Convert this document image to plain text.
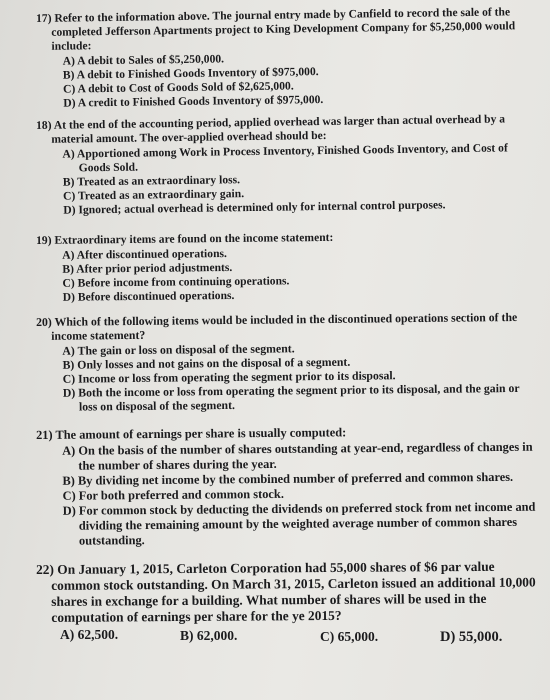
17) Refer to the information above. The journal entry made by Canfield to record the sale of the completed Jefferson Apartments project to King Development Company for $5,250,000 would include:
A) A debit to Sales of $5,250,000.
B) A debit to Finished Goods Inventory of $975,000.
C) A debit to Cost of Goods Sold of $2,625,000.
D) A credit to Finished Goods Inventory of $975,000.
18) At the end of the accounting period, applied overhead was larger than actual overhead by a material amount. The over-applied overhead should be:
A) Apportioned among Work in Process Inventory, Finished Goods Inventory, and Cost of Goods Sold.
B) Treated as an extraordinary loss.
C) Treated as an extraordinary gain.
D) Ignored; actual overhead is determined only for internal control purposes.
19) Extraordinary items are found on the income statement:
A) After discontinued operations.
B) After prior period adjustments.
C) Before income from continuing operations.
D) Before discontinued operations.
20) Which of the following items would be included in the discontinued operations section of the income statement?
A) The gain or loss on disposal of the segment.
B) Only losses and not gains on the disposal of a segment.
C) Income or loss from operating the segment prior to its disposal.
D) Both the income or loss from operating the segment prior to its disposal, and the gain or loss on disposal of the segment.
21) The amount of earnings per share is usually computed:
A) On the basis of the number of shares outstanding at year-end, regardless of changes in the number of shares during the year.
B) By dividing net income by the combined number of preferred and common shares.
C) For both preferred and common stock.
D) For common stock by deducting the dividends on preferred stock from net income and dividing the remaining amount by the weighted average number of common shares outstanding.
22) On January 1, 2015, Carleton Corporation had 55,000 shares of $6 par value common stock outstanding. On March 31, 2015, Carleton issued an additional 10,000 shares in exchange for a building. What number of shares will be used in the computation of earnings per share for the ye 2015?
A) 62,500.	B) 62,000.	C) 65,000.	D) 55,000.
